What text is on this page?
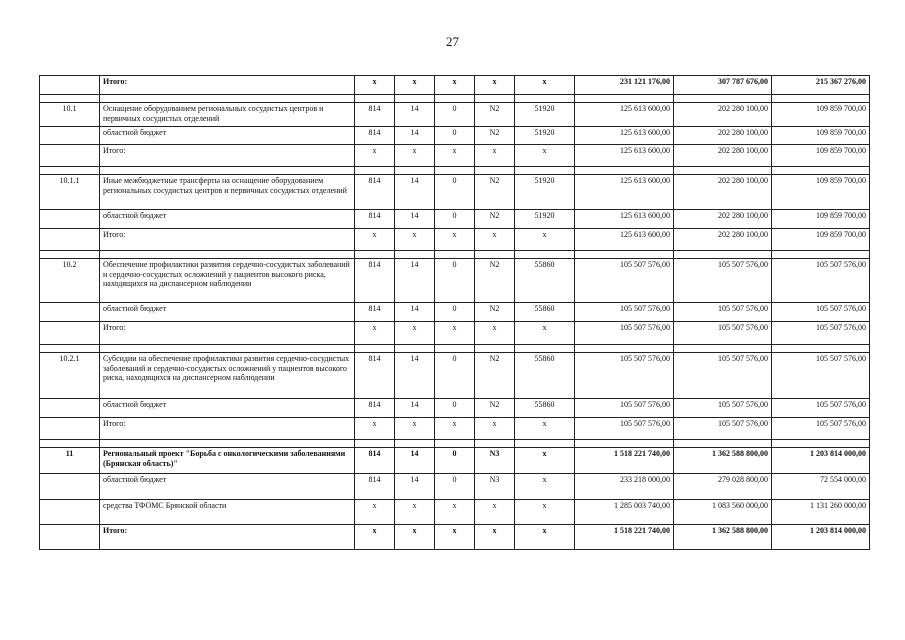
27
	Итого:	x	x	x	x	x	231 121 176,00	307 787 676,00	215 367 276,00

10.1	Оснащение оборудованием региональных сосудистых центров и первичных сосудистых отделений	814	14	0	N2	51920	125 613 600,00	202 280 100,00	109 859 700,00
	областной бюджет	814	14	0	N2	51920	125 613 600,00	202 280 100,00	109 859 700,00
	Итого:	x	x	x	x	x	125 613 600,00	202 280 100,00	109 859 700,00

10.1.1	Иные межбюджетные трансферты на оснащение оборудованием региональных сосудистых центров и первичных сосудистых отделений	814	14	0	N2	51920	125 613 600,00	202 280 100,00	109 859 700,00
	областной бюджет	814	14	0	N2	51920	125 613 600,00	202 280 100,00	109 859 700,00
	Итого:	x	x	x	x	x	125 613 600,00	202 280 100,00	109 859 700,00

10.2	Обеспечение профилактики развития сердечно-сосудистых заболеваний и сердечно-сосудистых осложнений у пациентов высокого риска, находящихся на диспансерном наблюдении	814	14	0	N2	55860	105 507 576,00	105 507 576,00	105 507 576,00
	областной бюджет	814	14	0	N2	55860	105 507 576,00	105 507 576,00	105 507 576,00
	Итого:	x	x	x	x	x	105 507 576,00	105 507 576,00	105 507 576,00

10.2.1	Субсидии на обеспечение профилактики развития сердечно-сосудистых заболеваний и сердечно-сосудистых осложнений у пациентов высокого риска, находящихся на диспансерном наблюдении	814	14	0	N2	55860	105 507 576,00	105 507 576,00	105 507 576,00
	областной бюджет	814	14	0	N2	55860	105 507 576,00	105 507 576,00	105 507 576,00
	Итого:	x	x	x	x	x	105 507 576,00	105 507 576,00	105 507 576,00

11	Региональный проект "Борьба с онкологическими заболеваниями (Брянская область)"	814	14	0	N3	x	1 518 221 740,00	1 362 588 800,00	1 203 814 000,00
	областной бюджет	814	14	0	N3	x	233 218 000,00	279 028 800,00	72 554 000,00
	средства ТФОМС Брянской области	x	x	x	x	x	1 285 003 740,00	1 083 560 000,00	1 131 260 000,00
	Итого:	x	x	x	x	x	1 518 221 740,00	1 362 588 800,00	1 203 814 000,00
